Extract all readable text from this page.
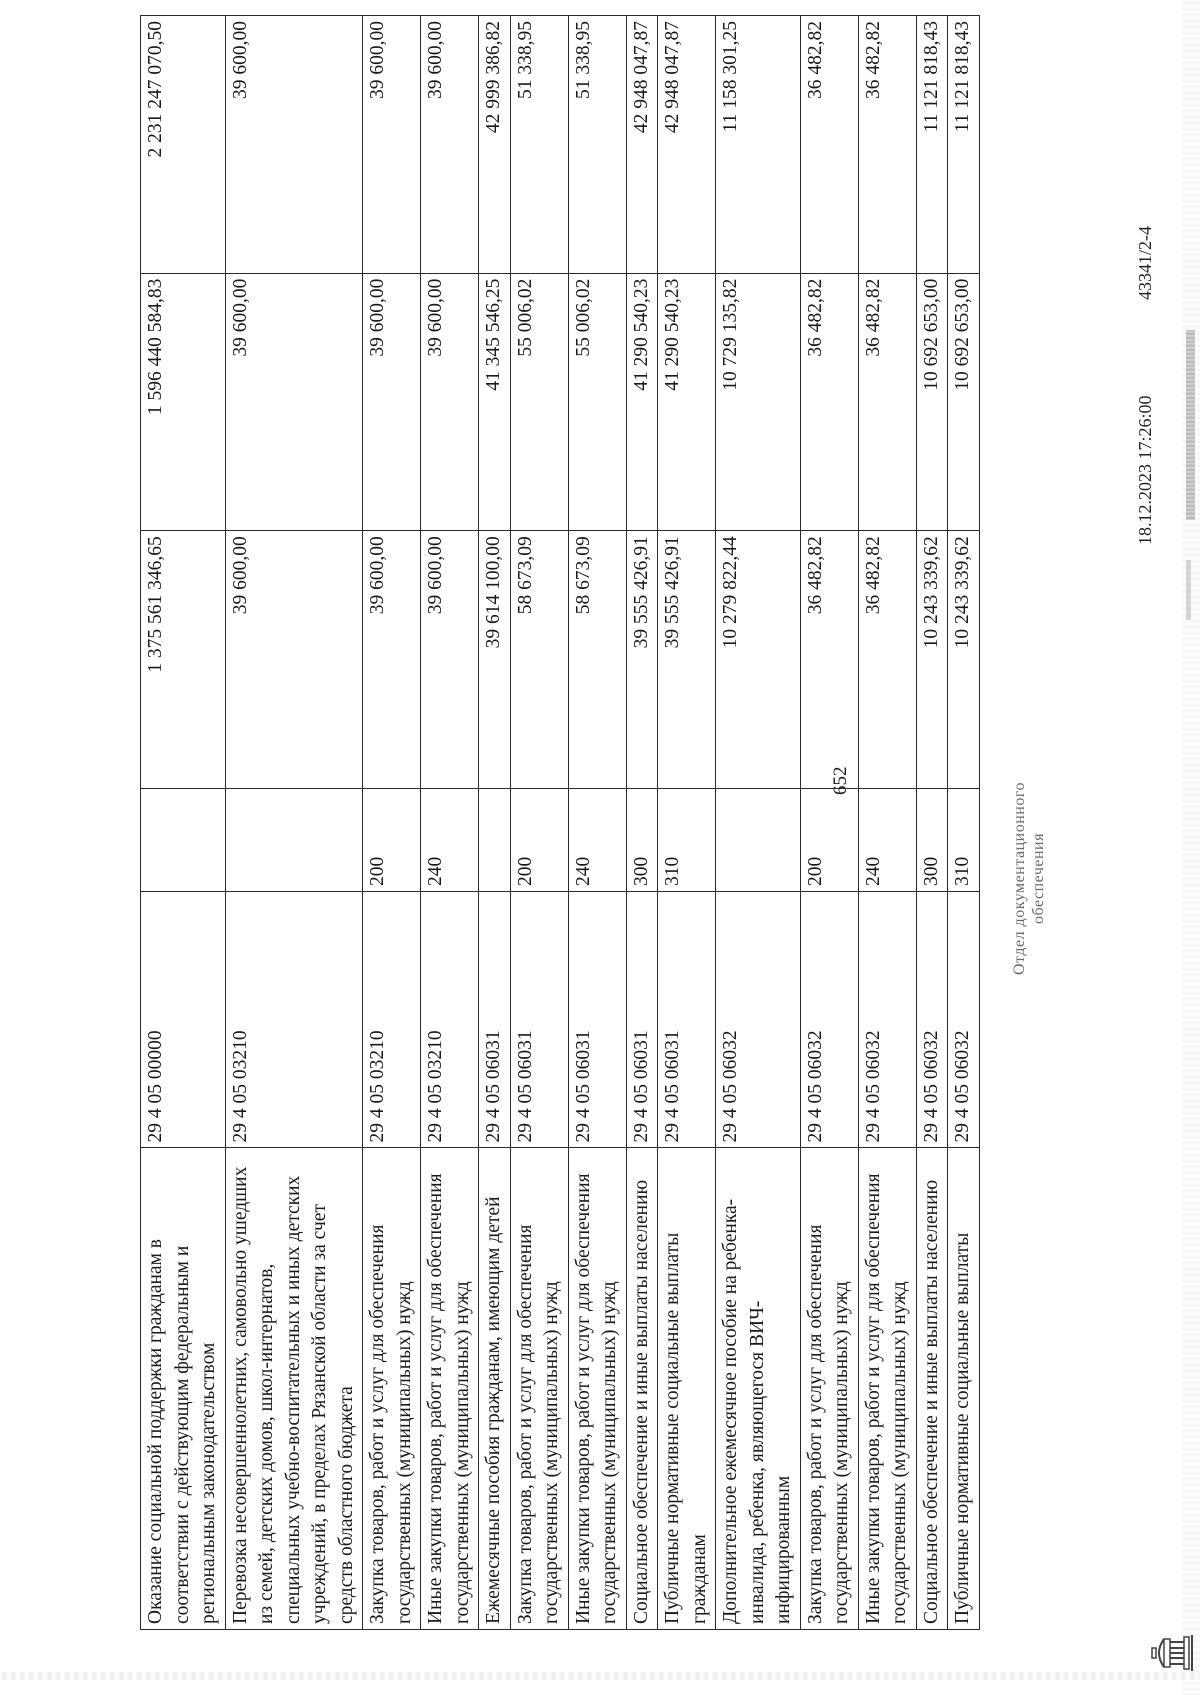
652
Оказание социальной поддержки гражданам в соответствии с действующим федеральным и региональным законодательством	29 4 05 00000		1 375 561 346,65	1 596 440 584,83	2 231 247 070,50
Перевозка несовершеннолетних, самовольно ушедших из семей, детских домов, школ-интернатов, специальных учебно-воспитательных и иных детских учреждений, в пределах Рязанской области за счет средств областного бюджета	29 4 05 03210		39 600,00	39 600,00	39 600,00
Закупка товаров, работ и услуг для обеспечения государственных (муниципальных) нужд	29 4 05 03210	200	39 600,00	39 600,00	39 600,00
Иные закупки товаров, работ и услуг для обеспечения государственных (муниципальных) нужд	29 4 05 03210	240	39 600,00	39 600,00	39 600,00
Ежемесячные пособия гражданам, имеющим детей	29 4 05 06031		39 614 100,00	41 345 546,25	42 999 386,82
Закупка товаров, работ и услуг для обеспечения государственных (муниципальных) нужд	29 4 05 06031	200	58 673,09	55 006,02	51 338,95
Иные закупки товаров, работ и услуг для обеспечения государственных (муниципальных) нужд	29 4 05 06031	240	58 673,09	55 006,02	51 338,95
Социальное обеспечение и иные выплаты населению	29 4 05 06031	300	39 555 426,91	41 290 540,23	42 948 047,87
Публичные нормативные социальные выплаты гражданам	29 4 05 06031	310	39 555 426,91	41 290 540,23	42 948 047,87
Дополнительное ежемесячное пособие на ребенка-инвалида, ребенка, являющегося ВИЧ-инфицированным	29 4 05 06032		10 279 822,44	10 729 135,82	11 158 301,25
Закупка товаров, работ и услуг для обеспечения государственных (муниципальных) нужд	29 4 05 06032	200	36 482,82	36 482,82	36 482,82
Иные закупки товаров, работ и услуг для обеспечения государственных (муниципальных) нужд	29 4 05 06032	240	36 482,82	36 482,82	36 482,82
Социальное обеспечение и иные выплаты населению	29 4 05 06032	300	10 243 339,62	10 692 653,00	11 121 818,43
Публичные нормативные социальные выплаты	29 4 05 06032	310	10 243 339,62	10 692 653,00	11 121 818,43
18.12.2023 17:26:00
43341/2-4
Отдел документационного обеспечения
